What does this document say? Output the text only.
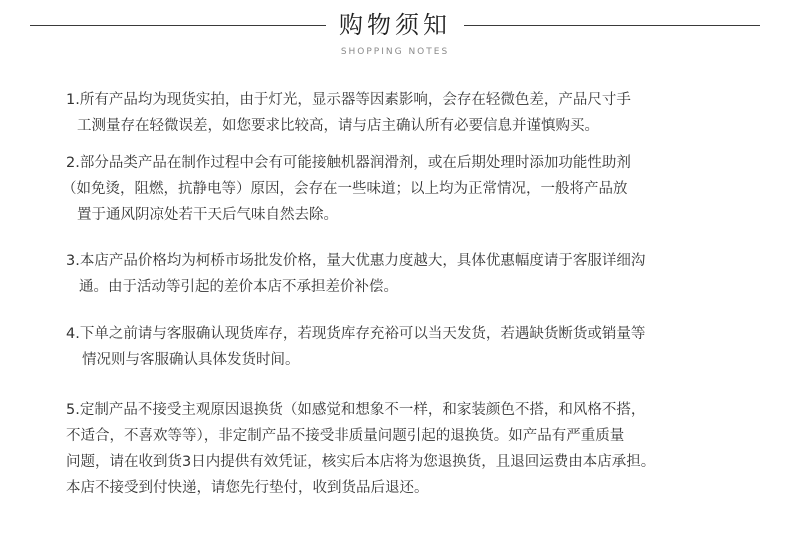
购物须知
SHOPPING NOTES
1.所有产品均为现货实拍，由于灯光，显示器等因素影响，会存在轻微色差，产品尺寸手
工测量存在轻微误差，如您要求比较高，请与店主确认所有必要信息并谨慎购买。
2.部分品类产品在制作过程中会有可能接触机器润滑剂，或在后期处理时添加功能性助剂
（如免烫，阻燃，抗静电等）原因，会存在一些味道；以上均为正常情况，一般将产品放
置于通风阴凉处若干天后气味自然去除。
3.本店产品价格均为柯桥市场批发价格，量大优惠力度越大，具体优惠幅度请于客服详细沟
通。由于活动等引起的差价本店不承担差价补偿。
4.下单之前请与客服确认现货库存，若现货库存充裕可以当天发货，若遇缺货断货或销量等
情况则与客服确认具体发货时间。
5.定制产品不接受主观原因退换货（如感觉和想象不一样，和家装颜色不搭，和风格不搭，
不适合，不喜欢等等），非定制产品不接受非质量问题引起的退换货。如产品有严重质量
问题，请在收到货3日内提供有效凭证，核实后本店将为您退换货，且退回运费由本店承担。
本店不接受到付快递，请您先行垫付，收到货品后退还。
